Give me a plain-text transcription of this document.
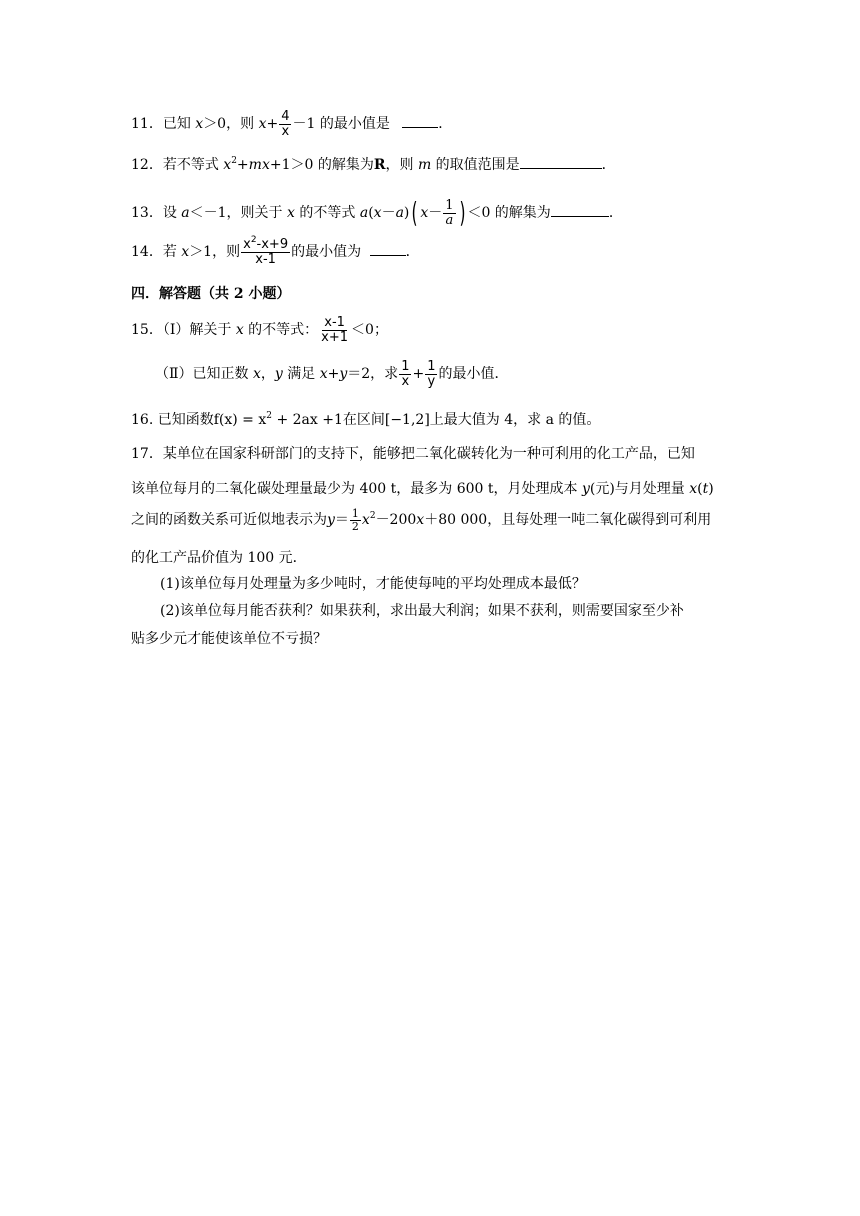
11．已知 x＞0，则 $x+ \frac{4}{x} -1$ 的最小值是	．
12．若不等式 $x^2+mx+1>0$ 的解集为R，则 m 的取值范围是	．
13．设 a＜－1，则关于 x 的不等式 a(x－a) ( $x - \frac{1}{a}$ ) ＜0 的解集为	．
14．若 x＞1，则 $\frac{x^2-x+9}{x-1}$ 的最小值为	．
四．解答题（共 2 小题）
15．（Ⅰ）解关于 x 的不等式： $\frac{x-1}{x+1} <0$；
（Ⅱ）已知正数 x，y 满足 x+y＝2，求 $\frac{1}{x} + \frac{1}{y}$ 的最小值．
16. 已知函数$f(x) = x^2 + 2ax +1$在区间[−1,2]上最大值为 4，求 a 的值。
17．某单位在国家科研部门的支持下，能够把二氧化碳转化为一种可利用的化工产品，已知
该单位每月的二氧化碳处理量最少为 400 t，最多为 600 t，月处理成本 y(元)与月处理量 x(t)
之间的函数关系可近似地表示为$y= \frac{1}{2} x^2-200x+80$ 000，且每处理一吨二氧化碳得到可利用
的化工产品价值为 100 元．
(1)该单位每月处理量为多少吨时，才能使每吨的平均处理成本最低？
(2)该单位每月能否获利？如果获利，求出最大利润；如果不获利，则需要国家至少补
贴多少元才能使该单位不亏损？
